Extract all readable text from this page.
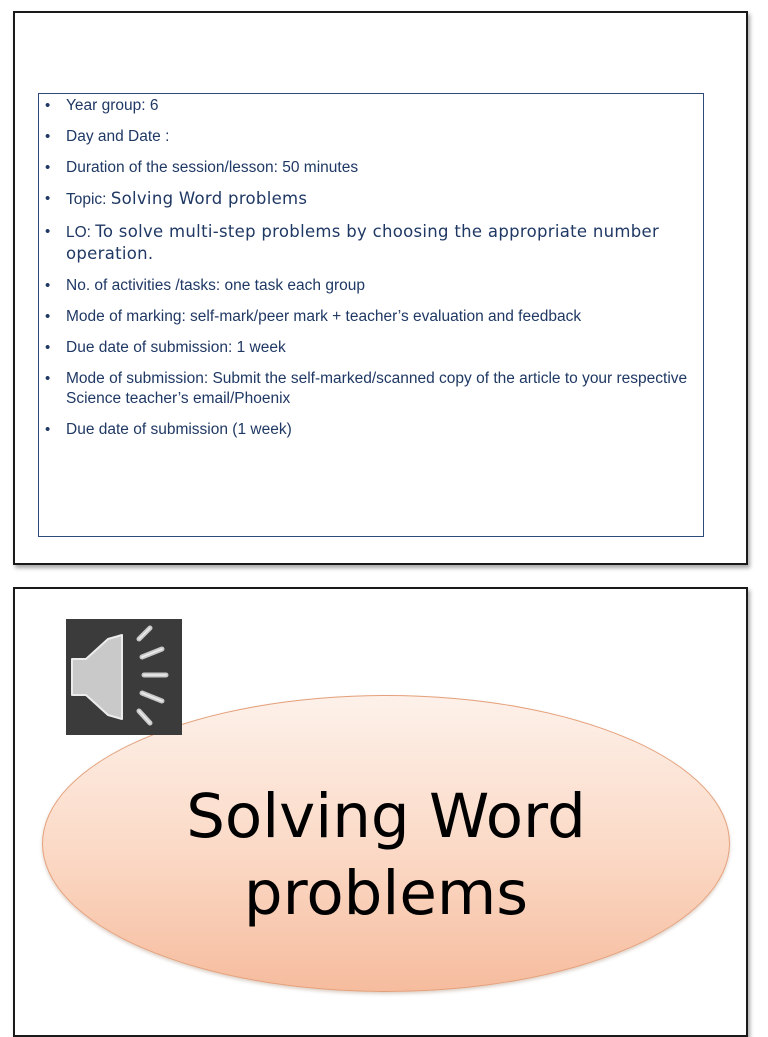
• Year group: 6
• Day and Date :
• Duration of the session/lesson: 50 minutes
• Topic: Solving Word problems
• LO: To solve multi-step problems by choosing the appropriate number operation.
• No. of activities /tasks: one task each group
• Mode of marking: self-mark/peer mark + teacher’s evaluation and feedback
• Due date of submission: 1 week
• Mode of submission: Submit the self-marked/scanned copy of the article to your respective Science teacher’s email/Phoenix
• Due date of submission (1 week)
Solving Word problems
